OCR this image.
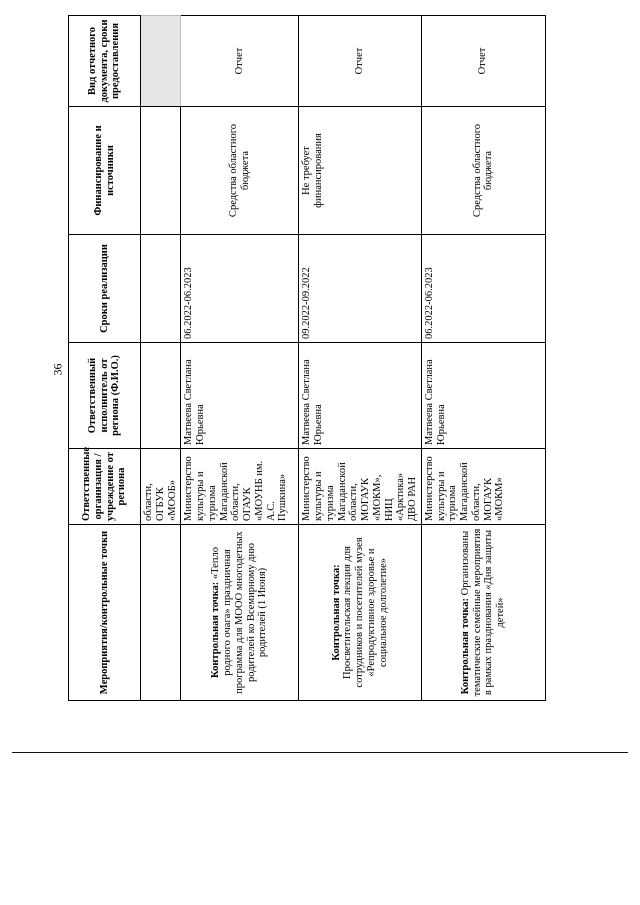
36
Мероприятия/контрольные точки	Ответственные организация / учреждение от региона	Ответственный исполнитель от региона (Ф.И.О.)	Сроки реализации	Финансирование и источники	Вид отчетного документа, сроки предоставления
	области, ОГБУК «МООБ»				
Контрольная точка: «Тепло родного очага» праздничная программа для МООО многодетных родителей ко Всемирному дню родителей (1 Июня)	Министерство культуры и туризма Магаданской области, ОГАУК «МОУНБ им. А.С. Пушкина»	Матвеева Светлана Юрьевна	06.2022-06.2023	Средства областного бюджета	Отчет

Контрольная точка: Просветительская лекция для сотрудников и посетителей музея «Репродуктивное здоровье и социальное долголетие»	Министерство культуры и туризма Магаданской области, МОГАУК «МОКМ», НИЦ «Арктика» ДВО РАН	Матвеева Светлана Юрьевна	09.2022-09.2022	Не требует финансирования	Отчет
Контрольная точка: Организованы тематические семейные мероприятия в рамках празднования «Дня защиты детей»	Министерство культуры и туризма Магаданской области, МОГАУК «МОКМ»	Матвеева Светлана Юрьевна	06.2022-06.2023	Средства областного бюджета	Отчет
